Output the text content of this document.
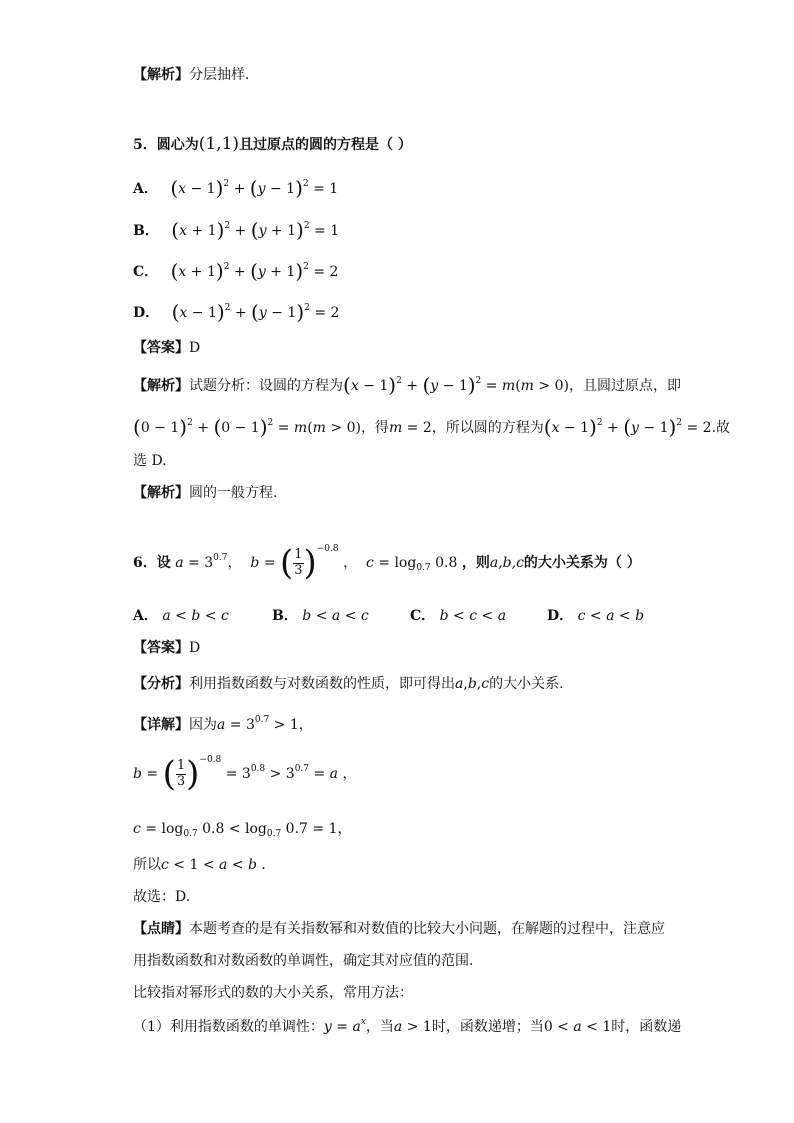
【解析】分层抽样.
5．圆心为(1,1)且过原点的圆的方程是（ ）
A． $(x - 1)^2 + (y - 1)^2 = 1$
B． $(x + 1)^2 + (y + 1)^2 = 1$
C． $(x + 1)^2 + (y + 1)^2 = 2$
D． $(x - 1)^2 + (y - 1)^2 = 2$
【答案】D
【解析】试题分析：设圆的方程为$(x - 1)^2 + (y - 1)^2 = m(m > 0)$，且圆过原点，即
$(0 - 1)^2 + (0 - 1)^2 = m(m > 0)$，得m = 2，所以圆的方程为$(x - 1)^2 + (y - 1)^2 = 2$.故
选 D.
【解析】圆的一般方程.
6．设 $a = 3^{0.7}$，  b = ( $\frac{1}{3} )^{-0.8}$ ，  $c = \log_{0.7} 0.8$ ，则a,b,c的大小关系为（ ）
A． a < b < c	B． b < a < c	C． b < c < a	D． c < a < b
【答案】D
【分析】利用指数函数与对数函数的性质，即可得出a,b,c的大小关系.
【详解】因为$a = 3^{0.7} > 1$，
b = ( $\frac{1}{3} )^{-0.8} = 3^{0.8} > 3^{0.7} = a$ ，
$c = \log_{0.7} 0.8 < \log_{0.7} 0.7 = 1$，
所以c < 1 < a < b .
故选：D.
【点睛】本题考查的是有关指数幂和对数值的比较大小问题，在解题的过程中，注意应
用指数函数和对数函数的单调性，确定其对应值的范围.
比较指对幂形式的数的大小关系，常用方法：
（1）利用指数函数的单调性：$y = a^x$，当a > 1时，函数递增；当0 < a < 1时，函数递
